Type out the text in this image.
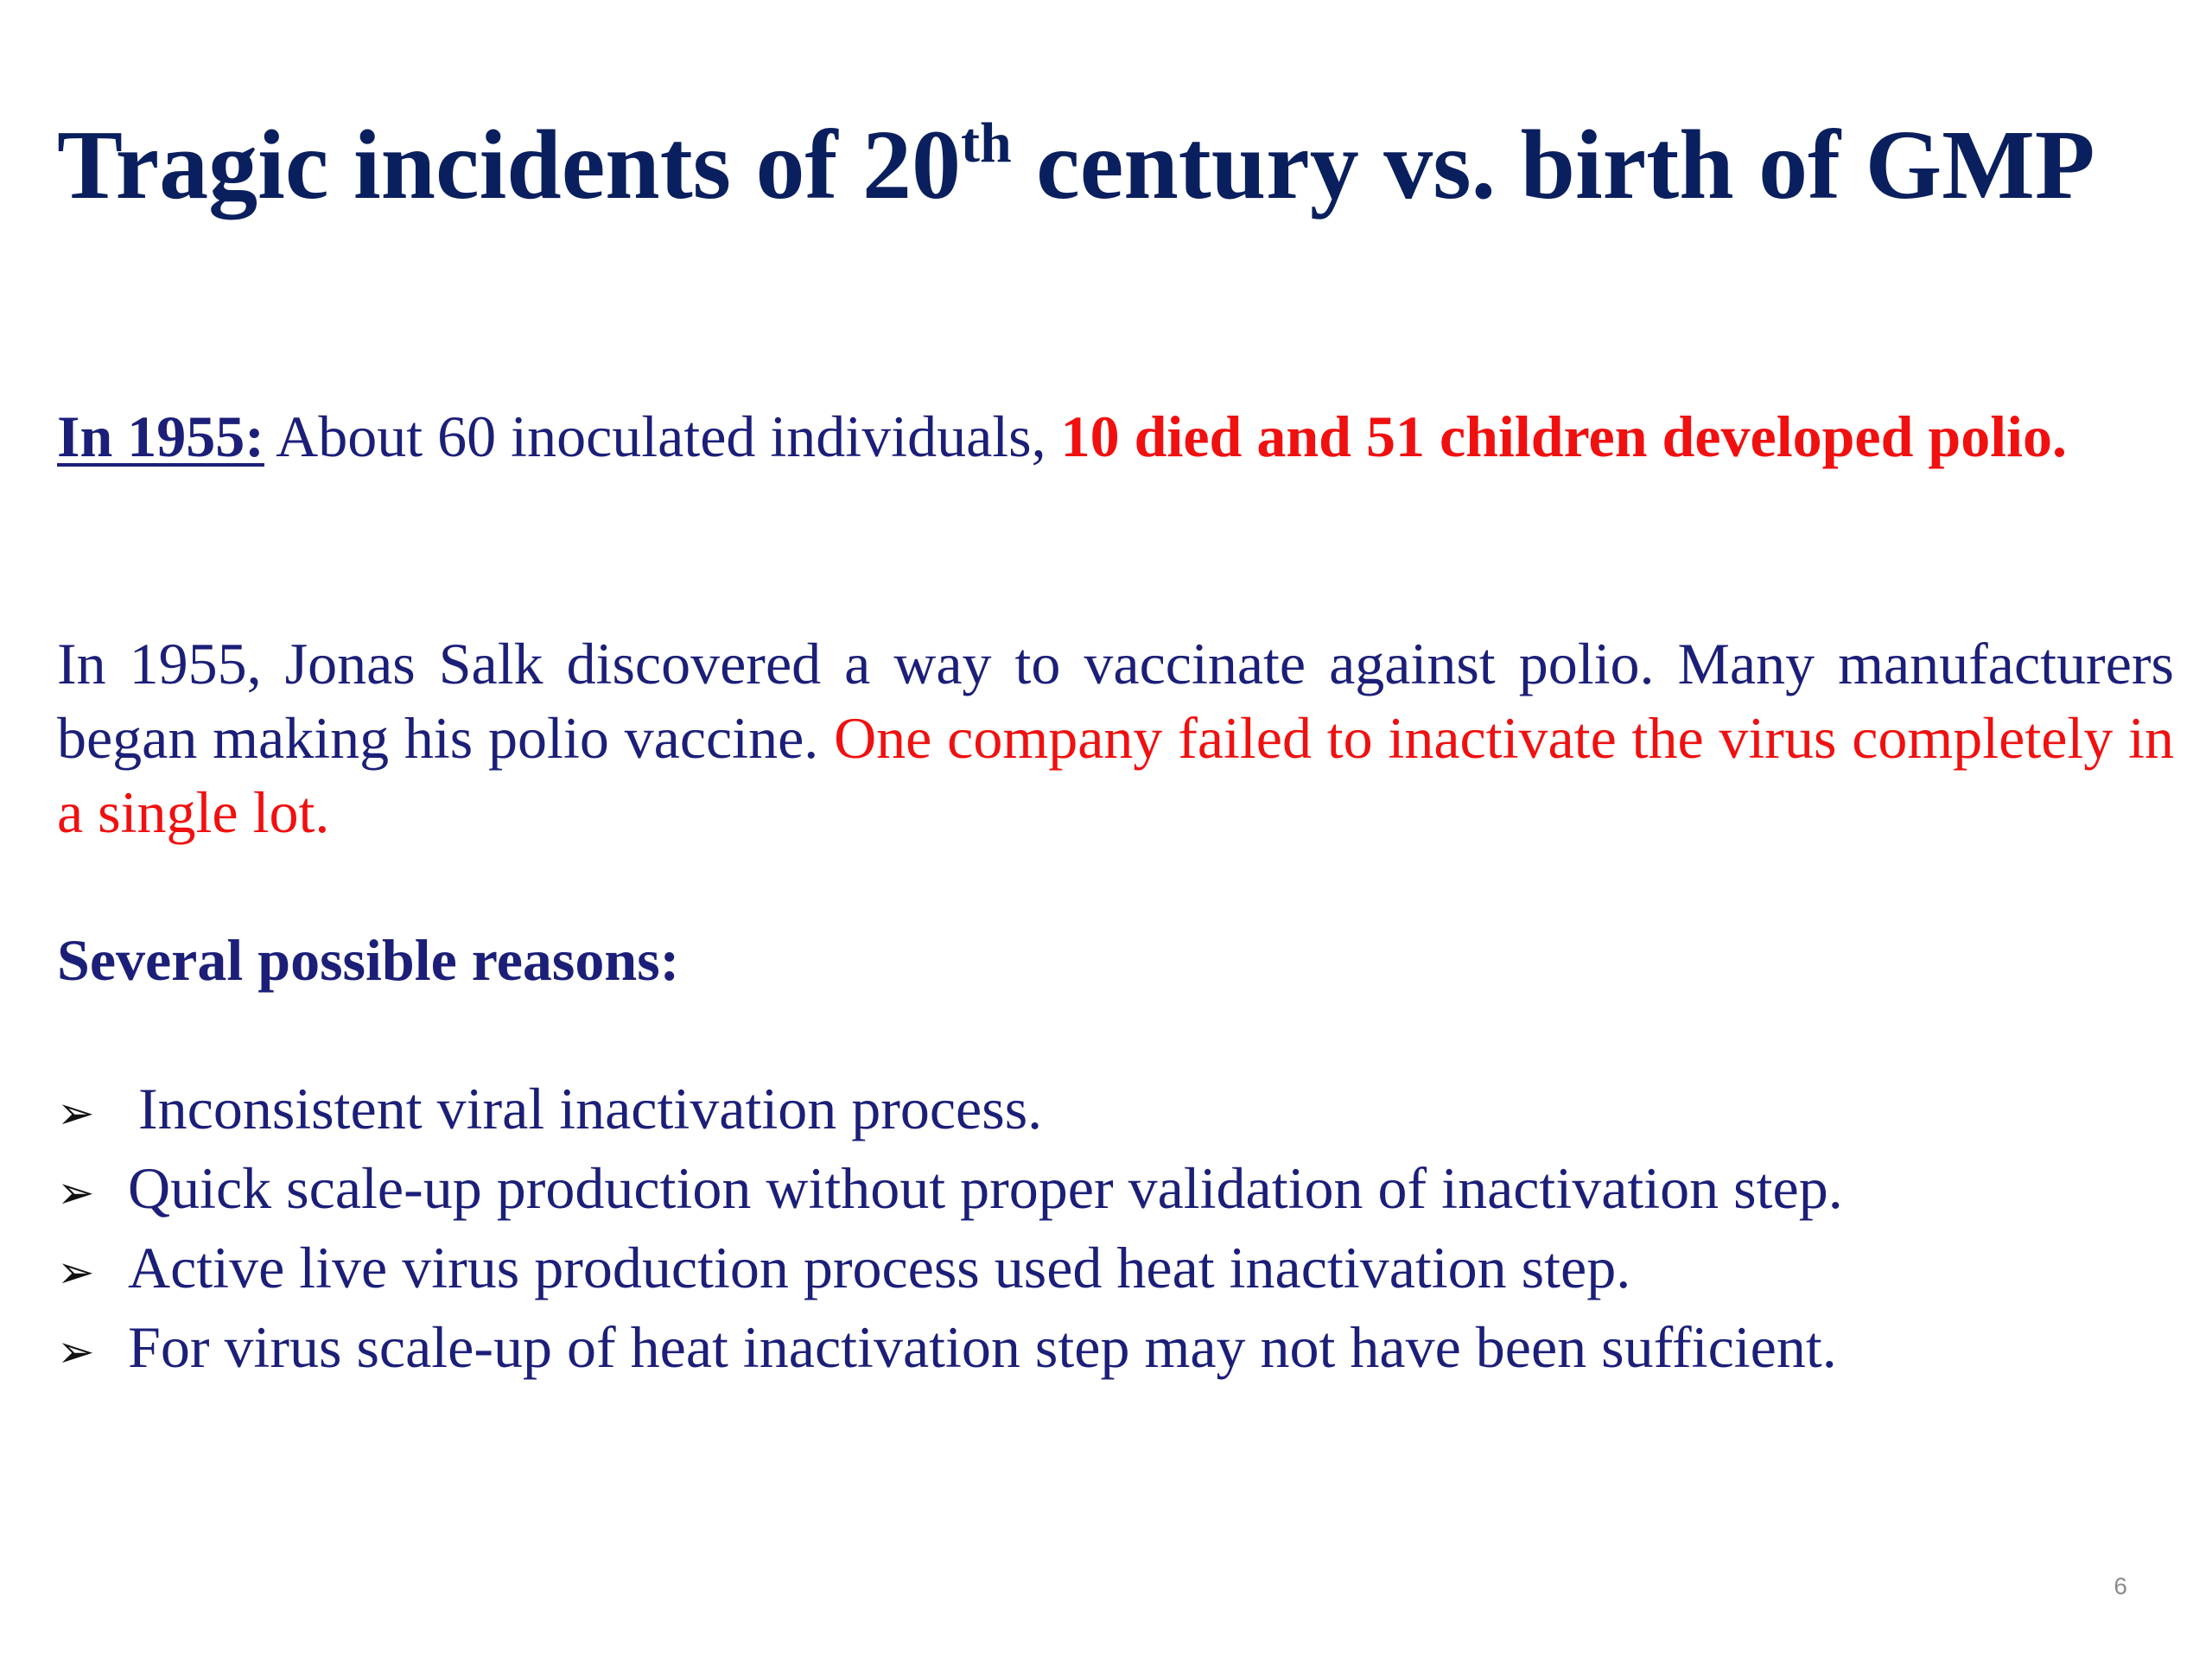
Tragic incidents of 20th century vs. birth of GMP

In 1955: About 60 inoculated individuals, 10 died and 51 children developed polio.

In 1955, Jonas Salk discovered a way to vaccinate against polio. Many manufacturers began making his polio vaccine. One company failed to inactivate the virus completely in a single lot.

Several possible reasons:

➢ Inconsistent viral inactivation process.
➢ Quick scale-up production without proper validation of inactivation step.
➢ Active live virus production process used heat inactivation step.
➢ For virus scale-up of heat inactivation step may not have been sufficient.
6
